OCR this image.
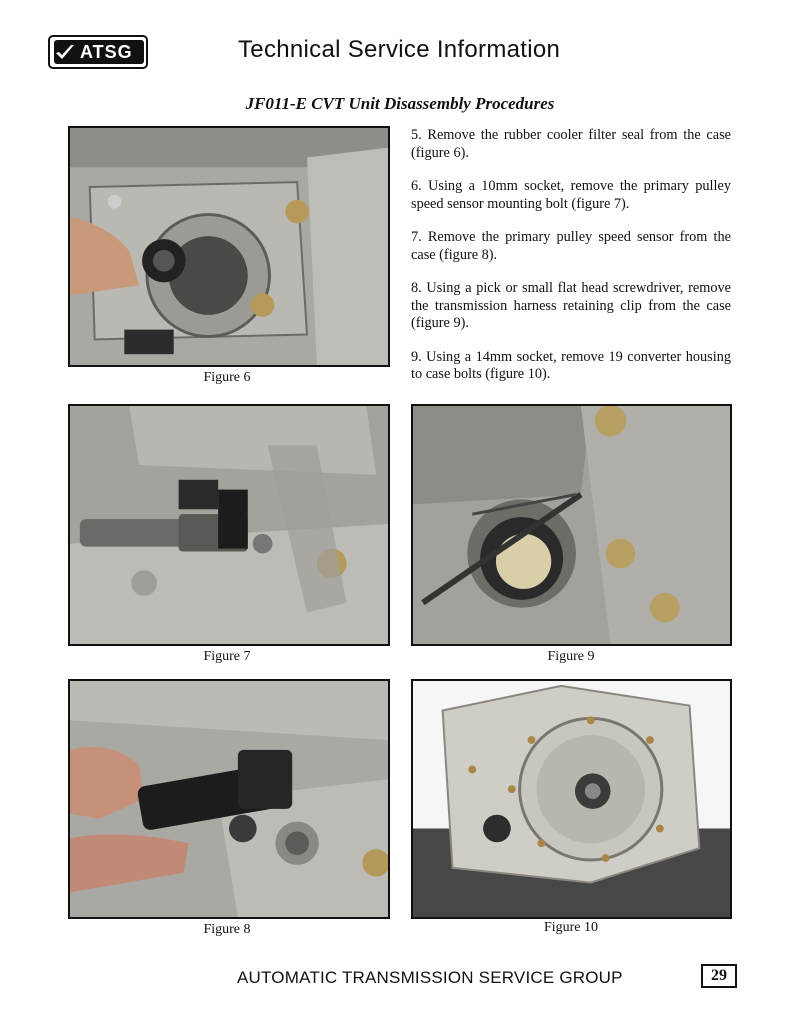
ATSG	Technical Service Information
JF011-E CVT Unit Disassembly Procedures
Figure 6

5. Remove the rubber cooler filter seal from the case (figure 6).

6. Using a 10mm socket, remove the primary pulley speed sensor mounting bolt (figure 7).

7. Remove the primary pulley speed sensor from the case (figure 8).

8. Using a pick or small flat head screwdriver, remove the transmission harness retaining clip from the case (figure 9).

9. Using a 14mm socket, remove 19 converter housing to case bolts (figure 10).

Figure 7	Figure 9
Figure 8	Figure 10
AUTOMATIC TRANSMISSION SERVICE GROUP	29
